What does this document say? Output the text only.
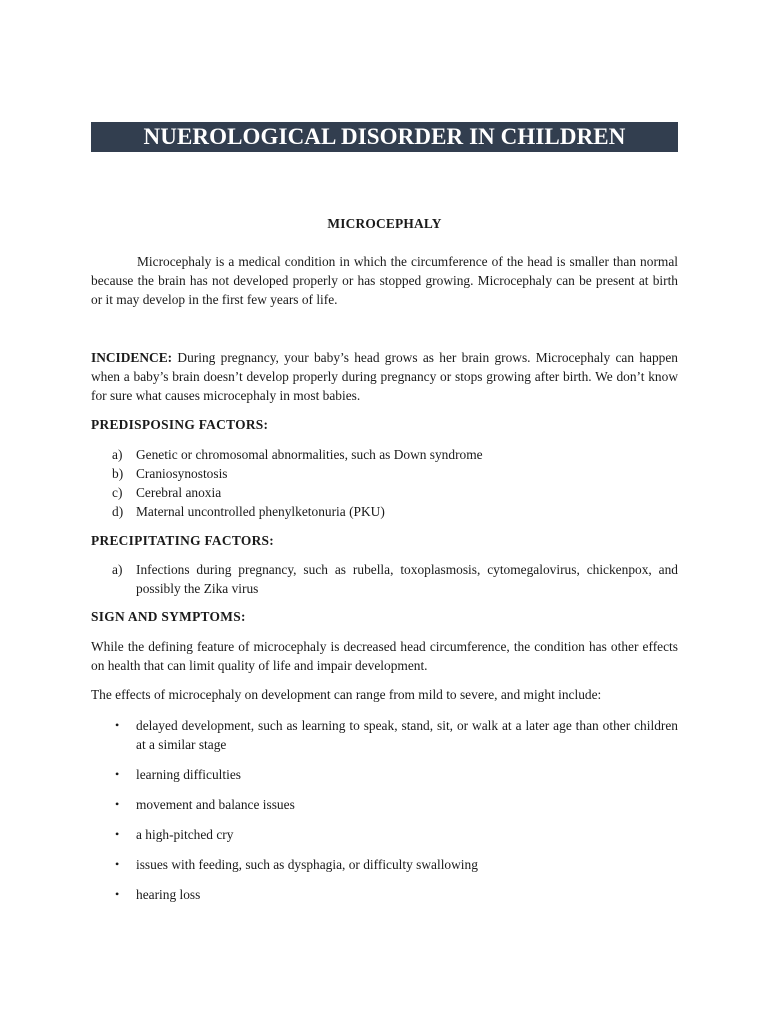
NUEROLOGICAL DISORDER IN CHILDREN
MICROCEPHALY

Microcephaly is a medical condition in which the circumference of the head is smaller than normal because the brain has not developed properly or has stopped growing. Microcephaly can be present at birth or it may develop in the first few years of life.

INCIDENCE: During pregnancy, your baby’s head grows as her brain grows. Microcephaly can happen when a baby’s brain doesn’t develop properly during pregnancy or stops growing after birth. We don’t know for sure what causes microcephaly in most babies.

PREDISPOSING FACTORS:
a)	Genetic or chromosomal abnormalities, such as Down syndrome
b) Craniosynostosis
c)	Cerebral anoxia
d) Maternal uncontrolled phenylketonuria (PKU)
PRECIPITATING FACTORS:
a)	Infections during pregnancy, such as rubella, toxoplasmosis, cytomegalovirus, chickenpox, and possibly the Zika virus
SIGN AND SYMPTOMS:

While the defining feature of microcephaly is decreased head circumference, the condition has other effects on health that can limit quality of life and impair development.

The effects of microcephaly on development can range from mild to severe, and might include:

•	delayed development, such as learning to speak, stand, sit, or walk at a later age than other children at a similar stage
•	learning difficulties
•	movement and balance issues
•	a high-pitched cry
•	issues with feeding, such as dysphagia, or difficulty swallowing
•	hearing loss
